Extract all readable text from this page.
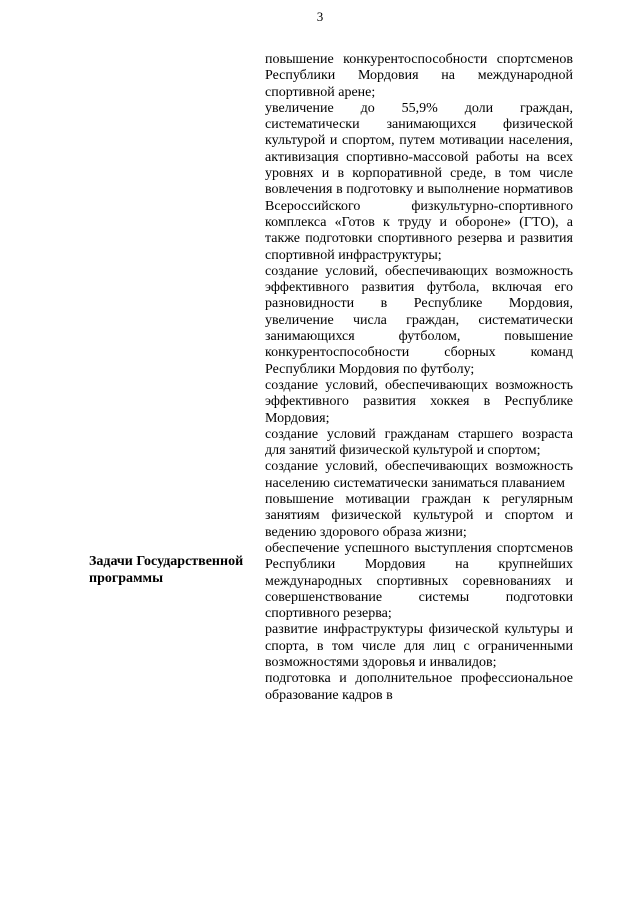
3

повышение конкурентоспособности спортсменов Республики Мордовия на международной спортивной арене;

увеличение до 55,9% доли граждан, систематически занимающихся физической культурой и спортом, путем мотивации населения, активизация спортивно-массовой работы на всех уровнях и в корпоративной среде, в том числе вовлечения в подготовку и выполнение нормативов Всероссийского физкультурно-спортивного комплекса «Готов к труду и обороне» (ГТО), а также подготовки спортивного резерва и развития спортивной инфраструктуры;

создание условий, обеспечивающих возможность эффективного развития футбола, включая его разновидности в Республике Мордовия, увеличение числа граждан, систематически занимающихся футболом, повышение конкурентоспособности сборных команд Республики Мордовия по футболу;

создание условий, обеспечивающих возможность эффективного развития хоккея в Республике Мордовия;

создание условий гражданам старшего возраста для занятий физической культурой и спортом;

создание условий, обеспечивающих возможность населению систематически заниматься плаванием

повышение мотивации граждан к регулярным занятиям физической культурой и спортом и ведению здорового образа жизни;

обеспечение успешного выступления спортсменов Республики Мордовия на крупнейших международных спортивных соревнованиях и совершенствование системы подготовки спортивного резерва;

развитие инфраструктуры физической культуры и спорта, в том числе для лиц с ограниченными возможностями здоровья и инвалидов;

подготовка и дополнительное профессиональное образование кадров в

Задачи Государственной программы
